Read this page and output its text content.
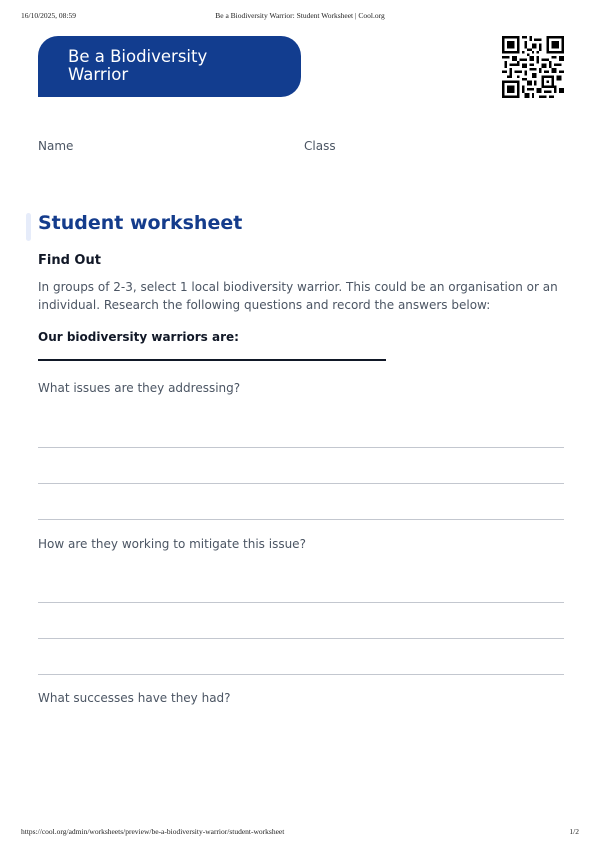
16/10/2025, 08:59	Be a Biodiversity Warrior: Student Worksheet | Cool.org
Be a Biodiversity
Warrior
Name	Class
Student worksheet
Find Out

In groups of 2-3, select 1 local biodiversity warrior. This could be an organisation or an individual. Research the following questions and record the answers below:

Our biodiversity warriors are:

What issues are they addressing?
How are they working to mitigate this issue?
What successes have they had?
https://cool.org/admin/worksheets/preview/be-a-biodiversity-warrior/student-worksheet	1/2
